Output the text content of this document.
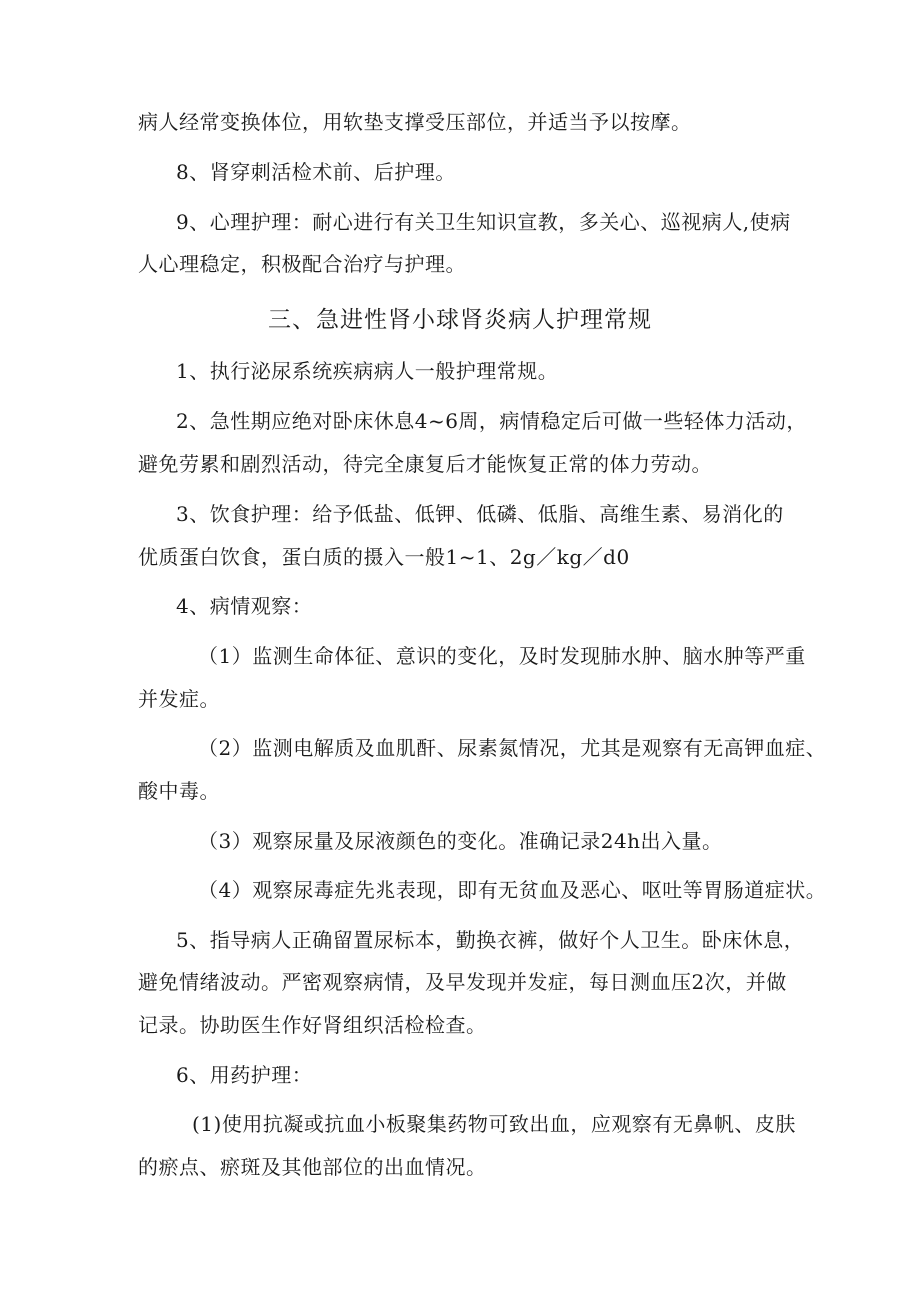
病人经常变换体位，用软垫支撑受压部位，并适当予以按摩。
8、肾穿刺活检术前、后护理。
9、心理护理：耐心进行有关卫生知识宣教，多关心、巡视病人,使病
人心理稳定，积极配合治疗与护理。
三、急进性肾小球肾炎病人护理常规
1、执行泌尿系统疾病病人一般护理常规。
2、急性期应绝对卧床休息4~6周，病情稳定后可做一些轻体力活动，
避免劳累和剧烈活动，待完全康复后才能恢复正常的体力劳动。
3、饮食护理：给予低盐、低钾、低磷、低脂、高维生素、易消化的
优质蛋白饮食，蛋白质的摄入一般1~1、2g／kg／d0
4、病情观察：
（1）监测生命体征、意识的变化，及时发现肺水肿、脑水肿等严重
并发症。
（2）监测电解质及血肌酐、尿素氮情况，尤其是观察有无高钾血症、
酸中毒。
（3）观察尿量及尿液颜色的变化。准确记录24h出入量。
（4）观察尿毒症先兆表现，即有无贫血及恶心、呕吐等胃肠道症状。
5、指导病人正确留置尿标本，勤换衣裤，做好个人卫生。卧床休息，
避免情绪波动。严密观察病情，及早发现并发症，每日测血压2次，并做
记录。协助医生作好肾组织活检检查。
6、用药护理：
(1)使用抗凝或抗血小板聚集药物可致出血，应观察有无鼻帆、皮肤
的瘀点、瘀斑及其他部位的出血情况。
